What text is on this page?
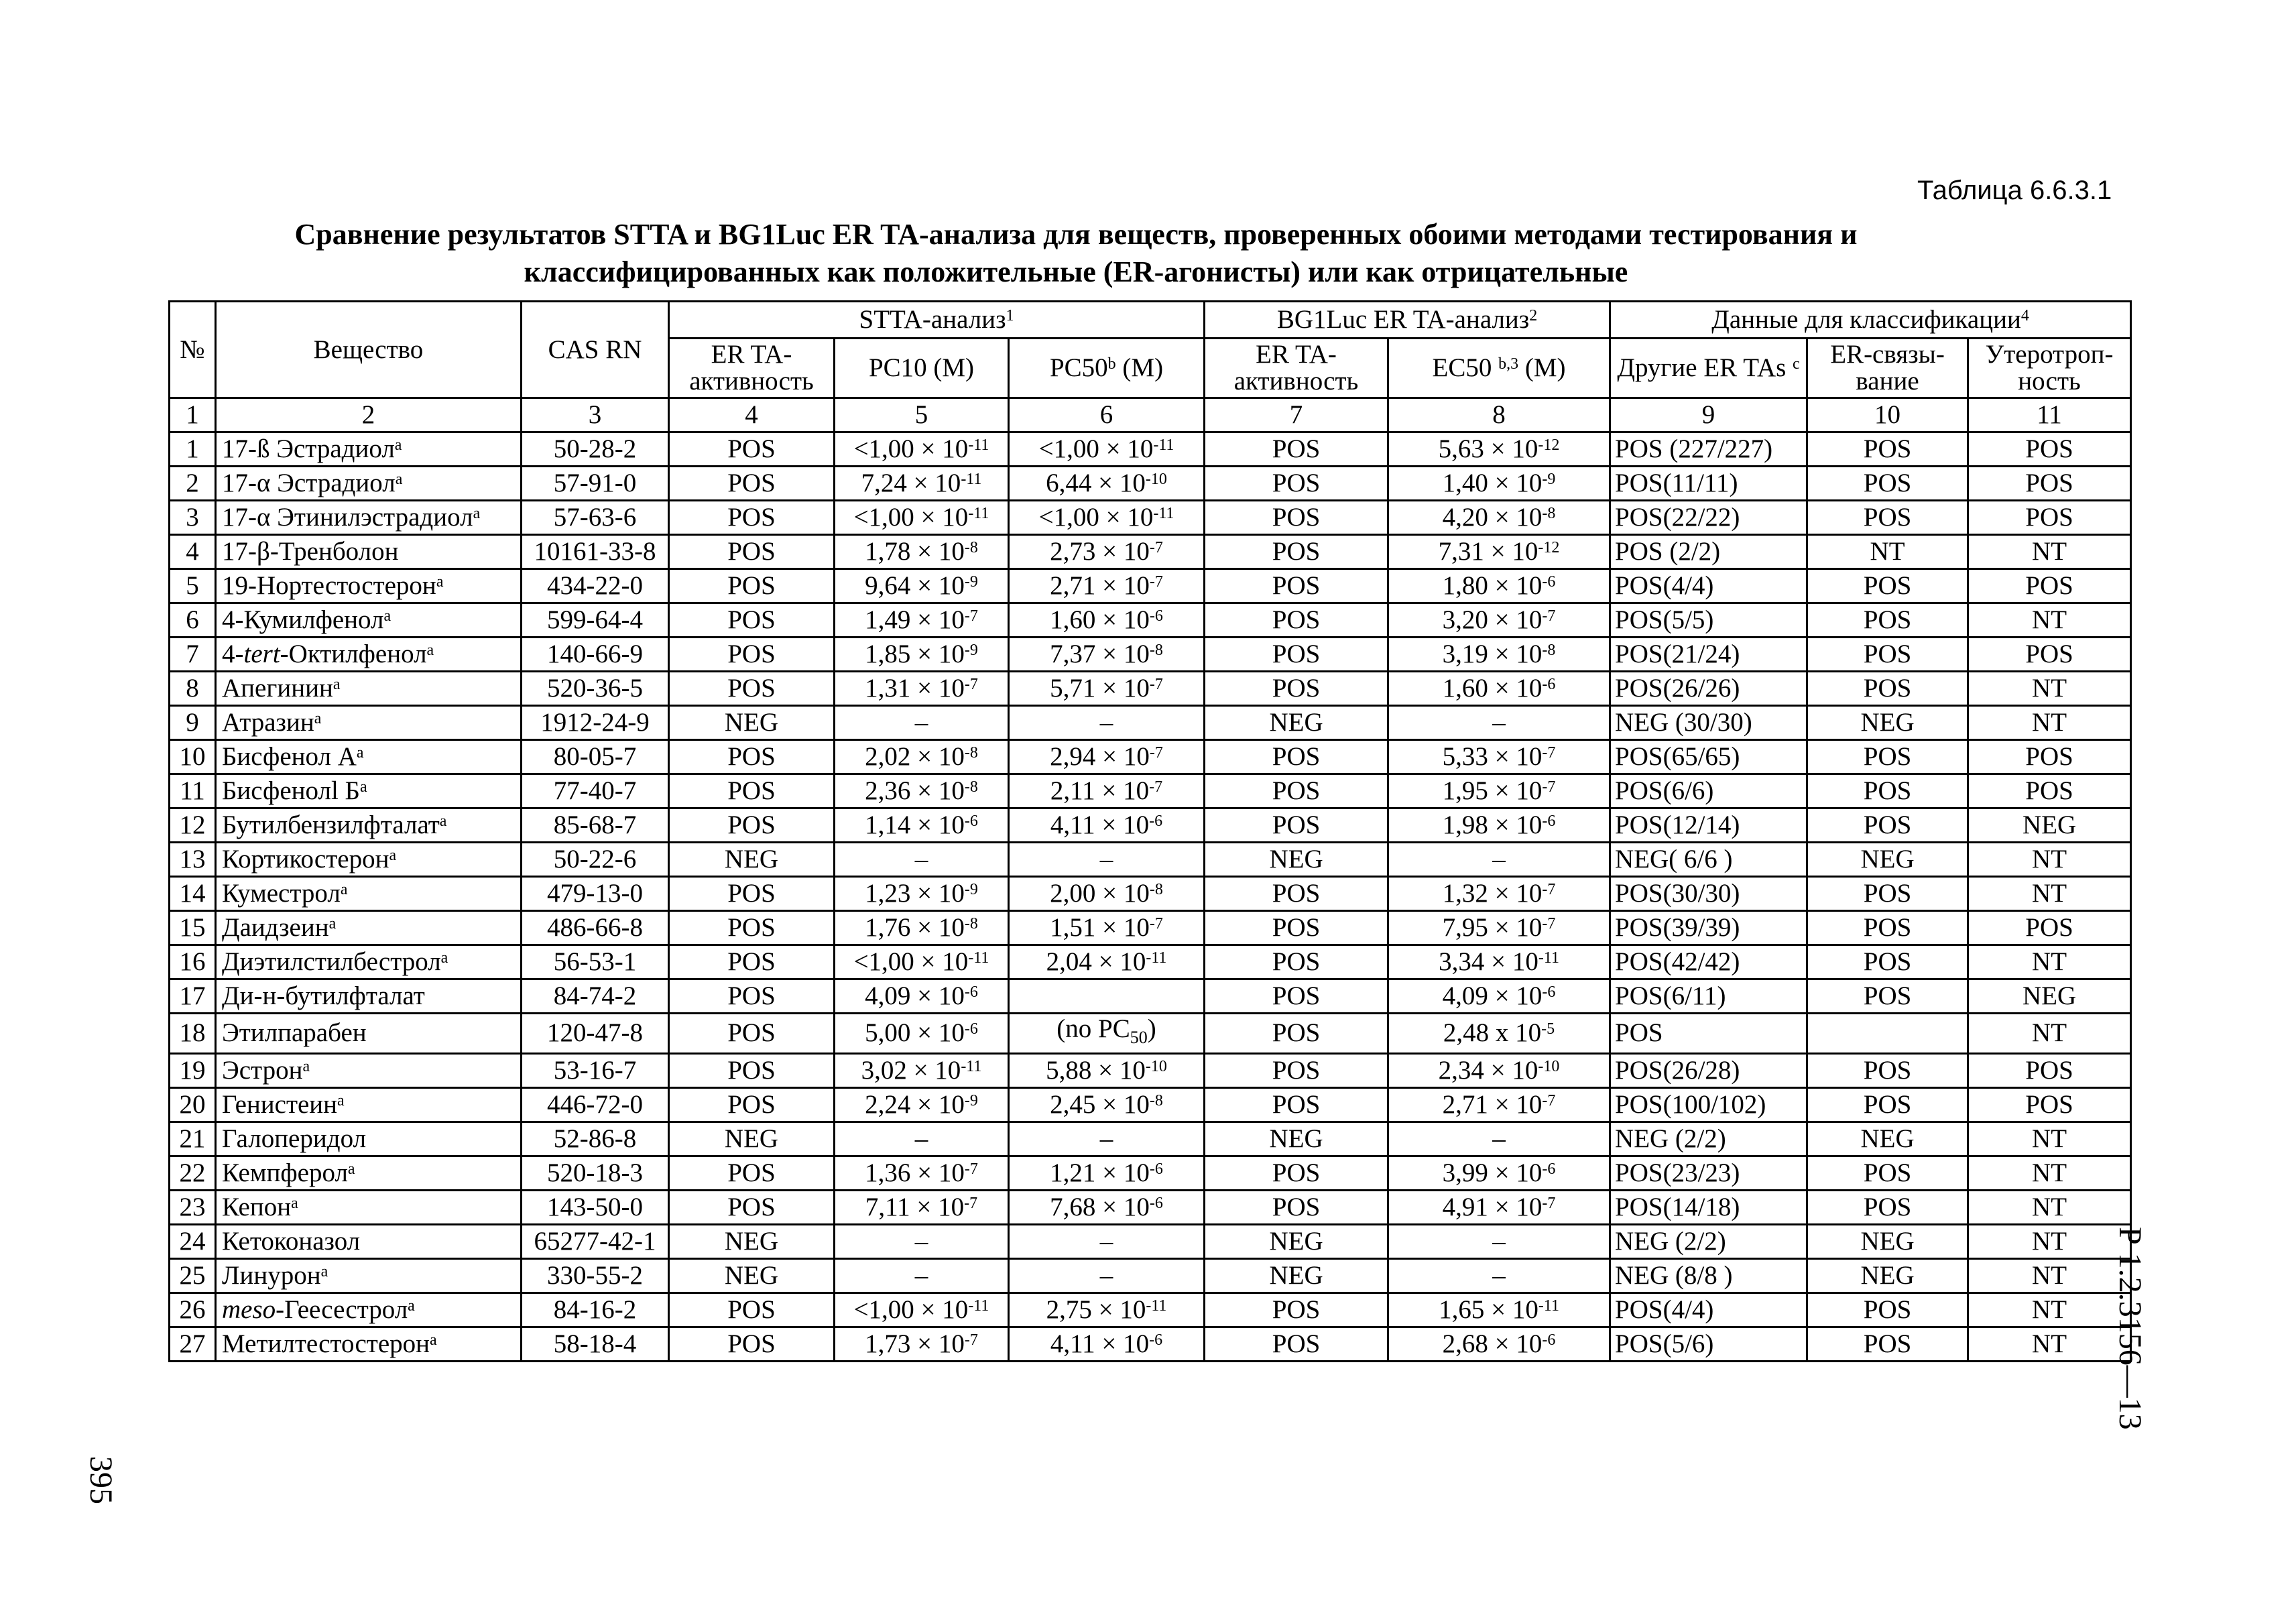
Таблица 6.6.3.1
Сравнение результатов STTA и BG1Luc ER TA-анализа для веществ, проверенных обоими методами тестирования и
классифицированных как положительные (ER-агонисты) или как отрицательные
№	Вещество	CAS RN	STTA-анализ$^1$			BG1Luc ER TA-анализ$^2$		Данные для классификации$^4$
			ER TA-активность	PC10 (M)	PC50$^b$ (M)	ER TA-активность	EC50 $^{b,3}$ (M)	Другие ER TAs $^c$	ER-связы-вание	Утеротроп-ность
1	2	3	4	5	6	7	8	9	10	11
1	17-ß Эстрадиол$^a$	50-28-2	POS	$<1,00 \times 10^{-11}$	$<1,00 \times 10^{-11}$	POS	$5,63 \times 10^{-12}$	POS (227/227)	POS	POS
2	17-α Эстрадиол$^a$	57-91-0	POS	$7,24 \times 10^{-11}$	$6,44 \times 10^{-10}$	POS	$1,40 \times 10^{-9}$	POS(11/11)	POS	POS
3	17-α Этинилэстрадиол$^a$	57-63-6	POS	$<1,00 \times 10^{-11}$	$<1,00 \times 10^{-11}$	POS	$4,20 \times 10^{-8}$	POS(22/22)	POS	POS
4	17-β-Тренболон	10161-33-8	POS	$1,78 \times 10^{-8}$	$2,73 \times 10^{-7}$	POS	$7,31 \times 10^{-12}$	POS (2/2)	NT	NT
5	19-Нортестостерон$^a$	434-22-0	POS	$9,64 \times 10^{-9}$	$2,71 \times 10^{-7}$	POS	$1,80 \times 10^{-6}$	POS(4/4)	POS	POS
6	4-Кумилфенол$^a$	599-64-4	POS	$1,49 \times 10^{-7}$	$1,60 \times 10^{-6}$	POS	$3,20 \times 10^{-7}$	POS(5/5)	POS	NT
7	4-tert-Октилфенол$^a$	140-66-9	POS	$1,85 \times 10^{-9}$	$7,37 \times 10^{-8}$	POS	$3,19 \times 10^{-8}$	POS(21/24)	POS	POS
8	Апегинин$^a$	520-36-5	POS	$1,31 \times 10^{-7}$	$5,71 \times 10^{-7}$	POS	$1,60 \times 10^{-6}$	POS(26/26)	POS	NT
9	Атразин$^a$	1912-24-9	NEG	–	–	NEG	–	NEG (30/30)	NEG	NT
10	Бисфенол $А^a$	80-05-7	POS	$2,02 \times 10^{-8}$	$2,94 \times 10^{-7}$	POS	$5,33 \times 10^{-7}$	POS(65/65)	POS	POS
11	Бисфенолl $Б^a$	77-40-7	POS	$2,36 \times 10^{-8}$	$2,11 \times 10^{-7}$	POS	$1,95 \times 10^{-7}$	POS(6/6)	POS	POS
12	Бутилбензилфталат$^a$	85-68-7	POS	$1,14 \times 10^{-6}$	$4,11 \times 10^{-6}$	POS	$1,98 \times 10^{-6}$	POS(12/14)	POS	NEG
13	Кортикостерон$^a$	50-22-6	NEG	–	–	NEG	–	NEG( 6/6 )	NEG	NT
14	Кумеcтрол$^a$	479-13-0	POS	$1,23 \times 10^{-9}$	$2,00 \times 10^{-8}$	POS	$1,32 \times 10^{-7}$	POS(30/30)	POS	NT
15	Даидзеин$^a$	486-66-8	POS	$1,76 \times 10^{-8}$	$1,51 \times 10^{-7}$	POS	$7,95 \times 10^{-7}$	POS(39/39)	POS	POS
16	Диэтилстилбестрол$^a$	56-53-1	POS	$<1,00 \times 10^{-11}$	$2,04 \times 10^{-11}$	POS	$3,34 \times 10^{-11}$	POS(42/42)	POS	NT
17	Ди-н-бутилфталат	84-74-2	POS	$4,09 \times 10^{-6}$		POS	$4,09 \times 10^{-6}$	POS(6/11)	POS	NEG
18	Этилпарабен	120-47-8	POS	$5,00 \times 10^{-6}$	(no $PC_{50}$)	POS	2,48 x $10^{-5}$	POS		NT
19	Эстрон$^a$	53-16-7	POS	$3,02 \times 10^{-11}$	$5,88 \times 10^{-10}$	POS	$2,34 \times 10^{-10}$	POS(26/28)	POS	POS
20	Генистеин$^a$	446-72-0	POS	$2,24 \times 10^{-9}$	$2,45 \times 10^{-8}$	POS	$2,71 \times 10^{-7}$	POS(100/102)	POS	POS
21	Галоперидол	52-86-8	NEG	–	–	NEG	–	NEG (2/2)	NEG	NT
22	Кемпферол$^a$	520-18-3	POS	$1,36 \times 10^{-7}$	$1,21 \times 10^{-6}$	POS	$3,99 \times 10^{-6}$	POS(23/23)	POS	NT
23	Кепон$^a$	143-50-0	POS	$7,11 \times 10^{-7}$	$7,68 \times 10^{-6}$	POS	$4,91 \times 10^{-7}$	POS(14/18)	POS	NT
24	Кетоконазол	65277-42-1	NEG	–	–	NEG	–	NEG (2/2)	NEG	NT
25	Линурон$^a$	330-55-2	NEG	–	–	NEG	–	NEG (8/8 )	NEG	NT
26	meso-Геесестрол$^a$	84-16-2	POS	$<1,00 \times 10^{-11}$	$2,75 \times 10^{-11}$	POS	$1,65 \times 10^{-11}$	POS(4/4)	POS	NT
27	Метилтестостерон$^a$	58-18-4	POS	$1,73 \times 10^{-7}$	$4,11 \times 10^{-6}$	POS	$2,68 \times 10^{-6}$	POS(5/6)	POS	NT Р 1.2.3156—13
395
